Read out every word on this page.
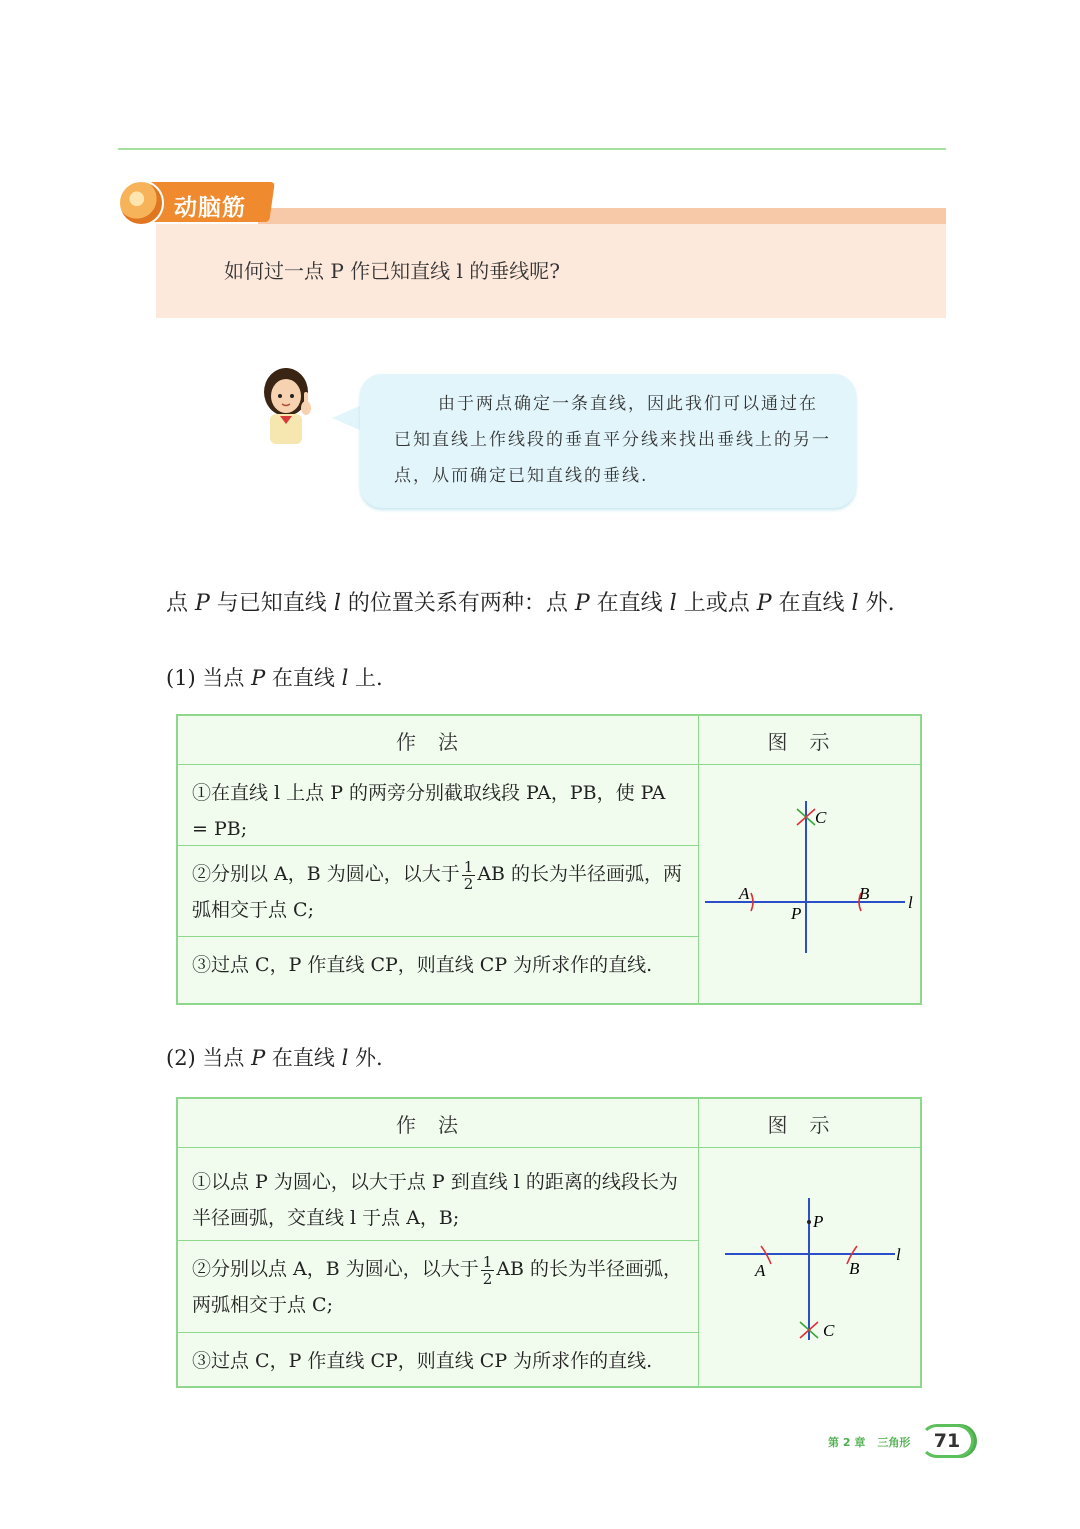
动脑筋
如何过一点 P 作已知直线 l 的垂线呢?
由于两点确定一条直线，因此我们可以通过在已知直线上作线段的垂直平分线来找出垂线上的另一点，从而确定已知直线的垂线.
点 P 与已知直线 l 的位置关系有两种：点 P 在直线 l 上或点 P 在直线 l 外.
(1) 当点 P 在直线 l 上.
作法	图示
①在直线 l 上点 P 的两旁分别截取线段 PA，PB，使 PA = PB;
②分别以 A，B 为圆心，以大于 $\frac{1}{2}$ AB 的长为半径画弧，两弧相交于点 C;
③过点 C，P 作直线 CP，则直线 CP 为所求作的直线.
A	B
C
P
l
(2) 当点 P 在直线 l 外.
作法	图示
①以点 P 为圆心，以大于点 P 到直线 l 的距离的线段长为半径画弧，交直线 l 于点 A，B;
②分别以点 A，B 为圆心，以大于 $\frac{1}{2}$ AB 的长为半径画弧，两弧相交于点 C;
③过点 C，P 作直线 CP，则直线 CP 为所求作的直线.
P
A	B
C
l
第 2 章 三角形	71
